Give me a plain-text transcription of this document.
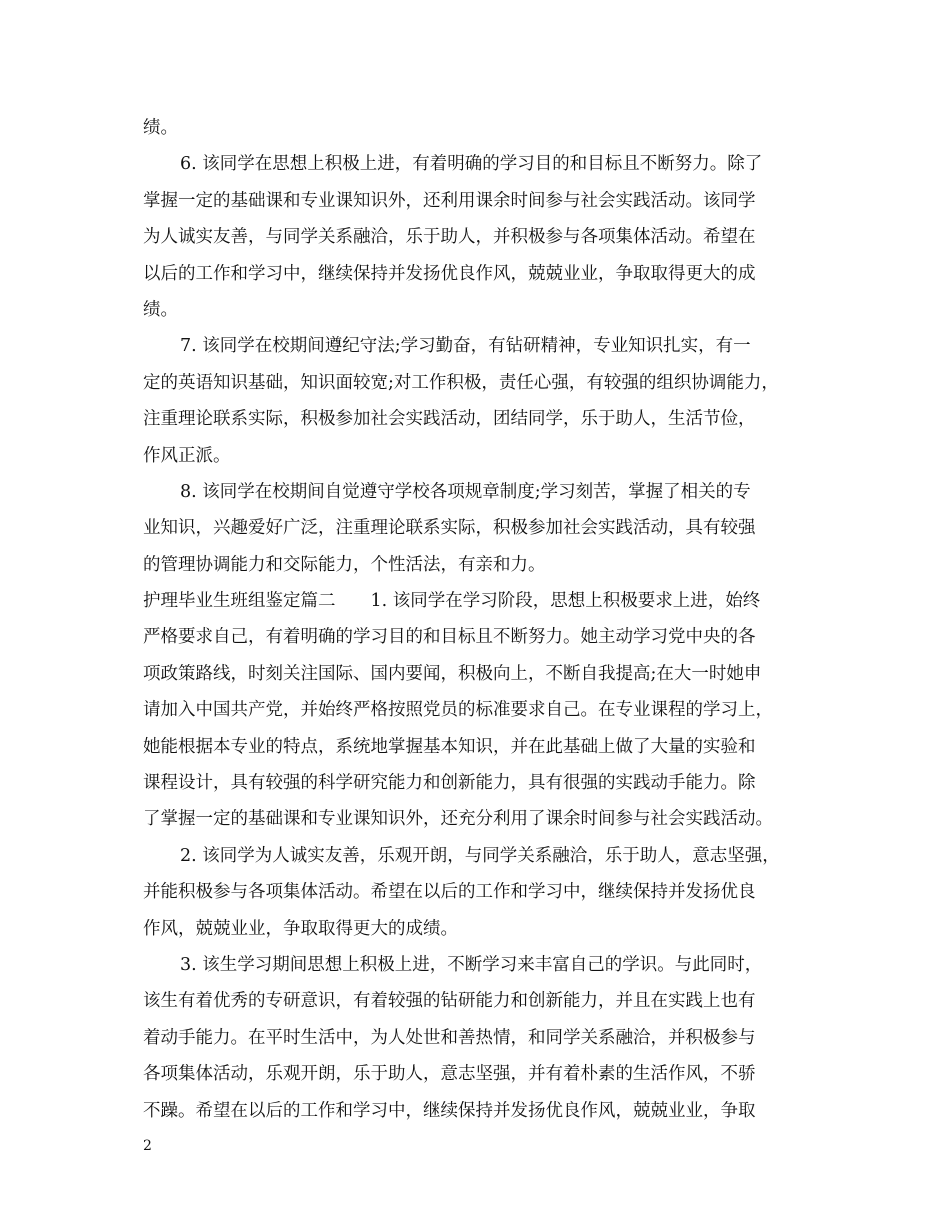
绩。
6. 该同学在思想上积极上进，有着明确的学习目的和目标且不断努力。除了
掌握一定的基础课和专业课知识外，还利用课余时间参与社会实践活动。该同学
为人诚实友善，与同学关系融洽，乐于助人，并积极参与各项集体活动。希望在
以后的工作和学习中，继续保持并发扬优良作风，兢兢业业，争取取得更大的成
绩。
7. 该同学在校期间遵纪守法;学习勤奋，有钻研精神，专业知识扎实，有一
定的英语知识基础，知识面较宽;对工作积极，责任心强，有较强的组织协调能力，
注重理论联系实际，积极参加社会实践活动，团结同学，乐于助人，生活节俭，
作风正派。
8. 该同学在校期间自觉遵守学校各项规章制度;学习刻苦，掌握了相关的专
业知识，兴趣爱好广泛，注重理论联系实际，积极参加社会实践活动，具有较强
的管理协调能力和交际能力，个性活法，有亲和力。
护理毕业生班组鉴定篇二　　1. 该同学在学习阶段，思想上积极要求上进，始终
严格要求自己，有着明确的学习目的和目标且不断努力。她主动学习党中央的各
项政策路线，时刻关注国际、国内要闻，积极向上，不断自我提高;在大一时她申
请加入中国共产党，并始终严格按照党员的标准要求自己。在专业课程的学习上，
她能根据本专业的特点，系统地掌握基本知识，并在此基础上做了大量的实验和
课程设计，具有较强的科学研究能力和创新能力，具有很强的实践动手能力。除
了掌握一定的基础课和专业课知识外，还充分利用了课余时间参与社会实践活动。
2. 该同学为人诚实友善，乐观开朗，与同学关系融洽，乐于助人，意志坚强，
并能积极参与各项集体活动。希望在以后的工作和学习中，继续保持并发扬优良
作风，兢兢业业，争取取得更大的成绩。
3. 该生学习期间思想上积极上进，不断学习来丰富自己的学识。与此同时，
该生有着优秀的专研意识，有着较强的钻研能力和创新能力，并且在实践上也有
着动手能力。在平时生活中，为人处世和善热情，和同学关系融洽，并积极参与
各项集体活动，乐观开朗，乐于助人，意志坚强，并有着朴素的生活作风，不骄
不躁。希望在以后的工作和学习中，继续保持并发扬优良作风，兢兢业业，争取
2
